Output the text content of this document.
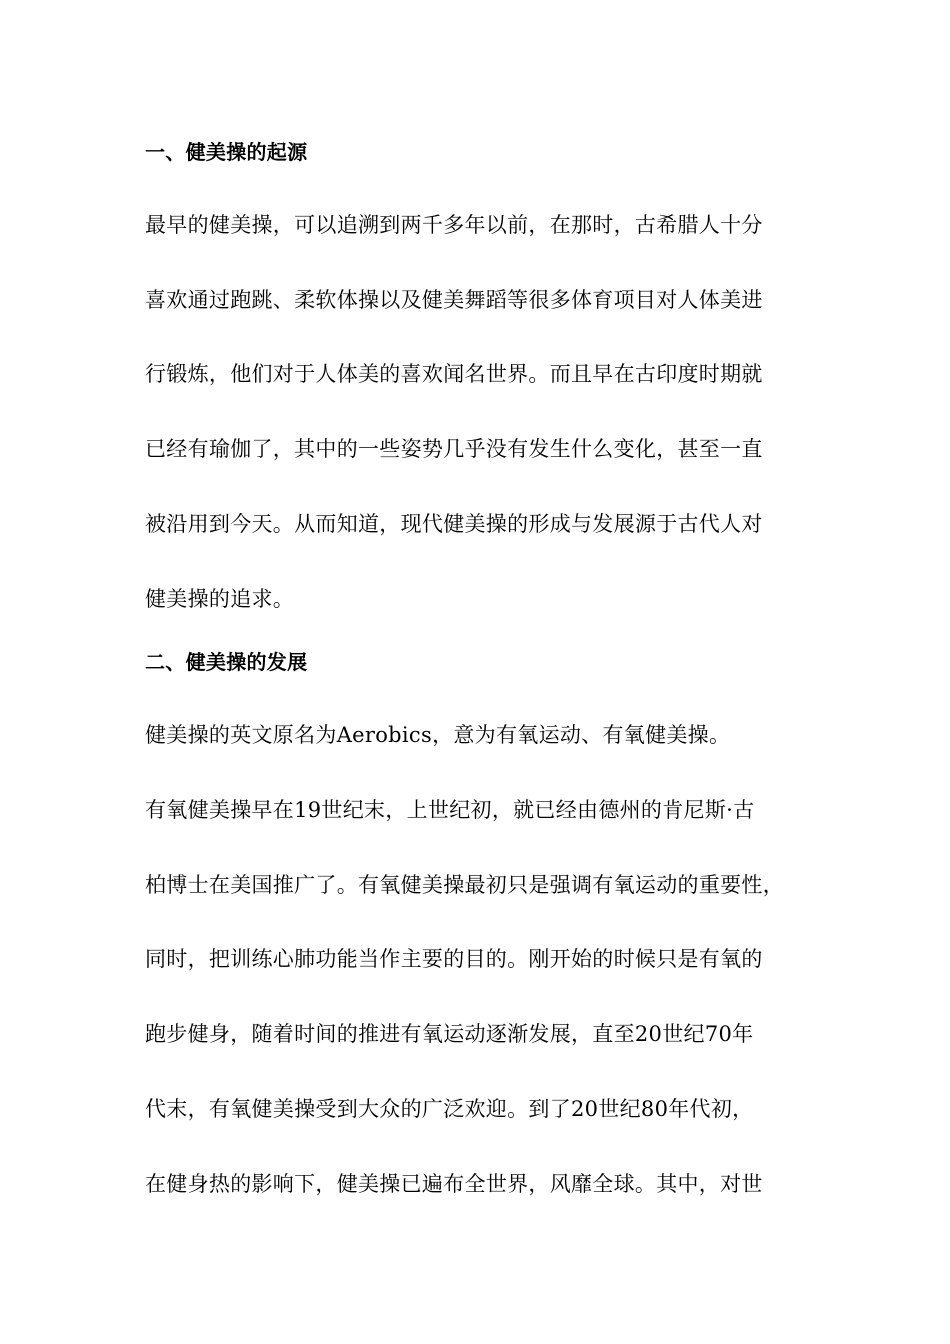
一、健美操的起源
最早的健美操，可以追溯到两千多年以前，在那时，古希腊人十分
喜欢通过跑跳、柔软体操以及健美舞蹈等很多体育项目对人体美进
行锻炼，他们对于人体美的喜欢闻名世界。而且早在古印度时期就
已经有瑜伽了，其中的一些姿势几乎没有发生什么变化，甚至一直
被沿用到今天。从而知道，现代健美操的形成与发展源于古代人对
健美操的追求。
二、健美操的发展
健美操的英文原名为Aerobics，意为有氧运动、有氧健美操。
有氧健美操早在19世纪末，上世纪初，就已经由德州的肯尼斯·古
柏博士在美国推广了。有氧健美操最初只是强调有氧运动的重要性，
同时，把训练心肺功能当作主要的目的。刚开始的时候只是有氧的
跑步健身，随着时间的推进有氧运动逐渐发展，直至20世纪70年
代末，有氧健美操受到大众的广泛欢迎。到了20世纪80年代初，
在健身热的影响下，健美操已遍布全世界，风靡全球。其中，对世
